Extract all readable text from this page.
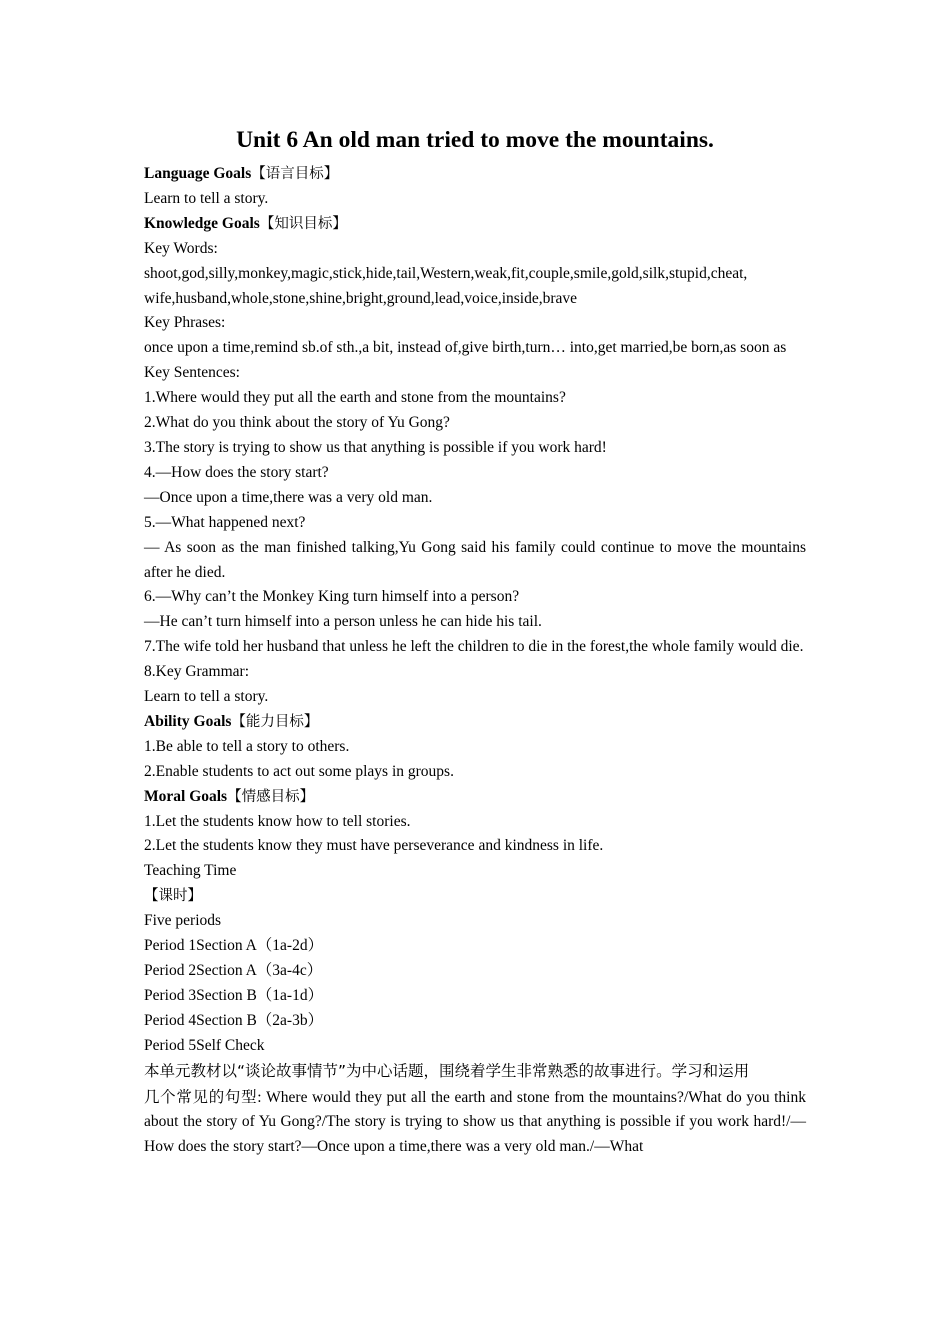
Unit 6 An old man tried to move the mountains.
Language Goals【语言目标】
Learn to tell a story.
Knowledge Goals【知识目标】
Key Words:
shoot,god,silly,monkey,magic,stick,hide,tail,Western,weak,fit,couple,smile,gold,silk,stupid,cheat,
wife,husband,whole,stone,shine,bright,ground,lead,voice,inside,brave
Key Phrases:
once upon a time,remind sb.of sth.,a bit, instead of,give birth,turn… into,get married,be born,as soon as
Key Sentences:
1.Where would they put all the earth and stone from the mountains?
2.What do you think about the story of Yu Gong?
3.The story is trying to show us that anything is possible if you work hard!
4.—How does the story start?
—Once upon a time,there was a very old man.
5.—What happened next?
— As soon as the man finished talking,Yu Gong said his family could continue to move the mountains after he died.
6.—Why can’t the Monkey King turn himself into a person?
—He can’t turn himself into a person unless he can hide his tail.
7.The wife told her husband that unless he left the children to die in the forest,the whole family would die.
8.Key Grammar:
Learn to tell a story.
Ability Goals【能力目标】
1.Be able to tell a story to others.
2.Enable students to act out some plays in groups.
Moral Goals【情感目标】
1.Let the students know how to tell stories.
2.Let the students know they must have perseverance and kindness in life.
Teaching Time
【课时】
Five periods
Period 1Section A（1a-2d）
Period 2Section A（3a-4c）
Period 3Section B（1a-1d）
Period 4Section B（2a-3b）
Period 5Self Check
本单元教材以“谈论故事情节”为中心话题，围绕着学生非常熟悉的故事进行。学习和运用
几个常见的句型: Where would they put all the earth and stone from the mountains?/What do you think about the story of Yu Gong?/The story is trying to show us that anything is possible if you work hard!/—How does the story start?—Once upon a time,there was a very old man./—What
